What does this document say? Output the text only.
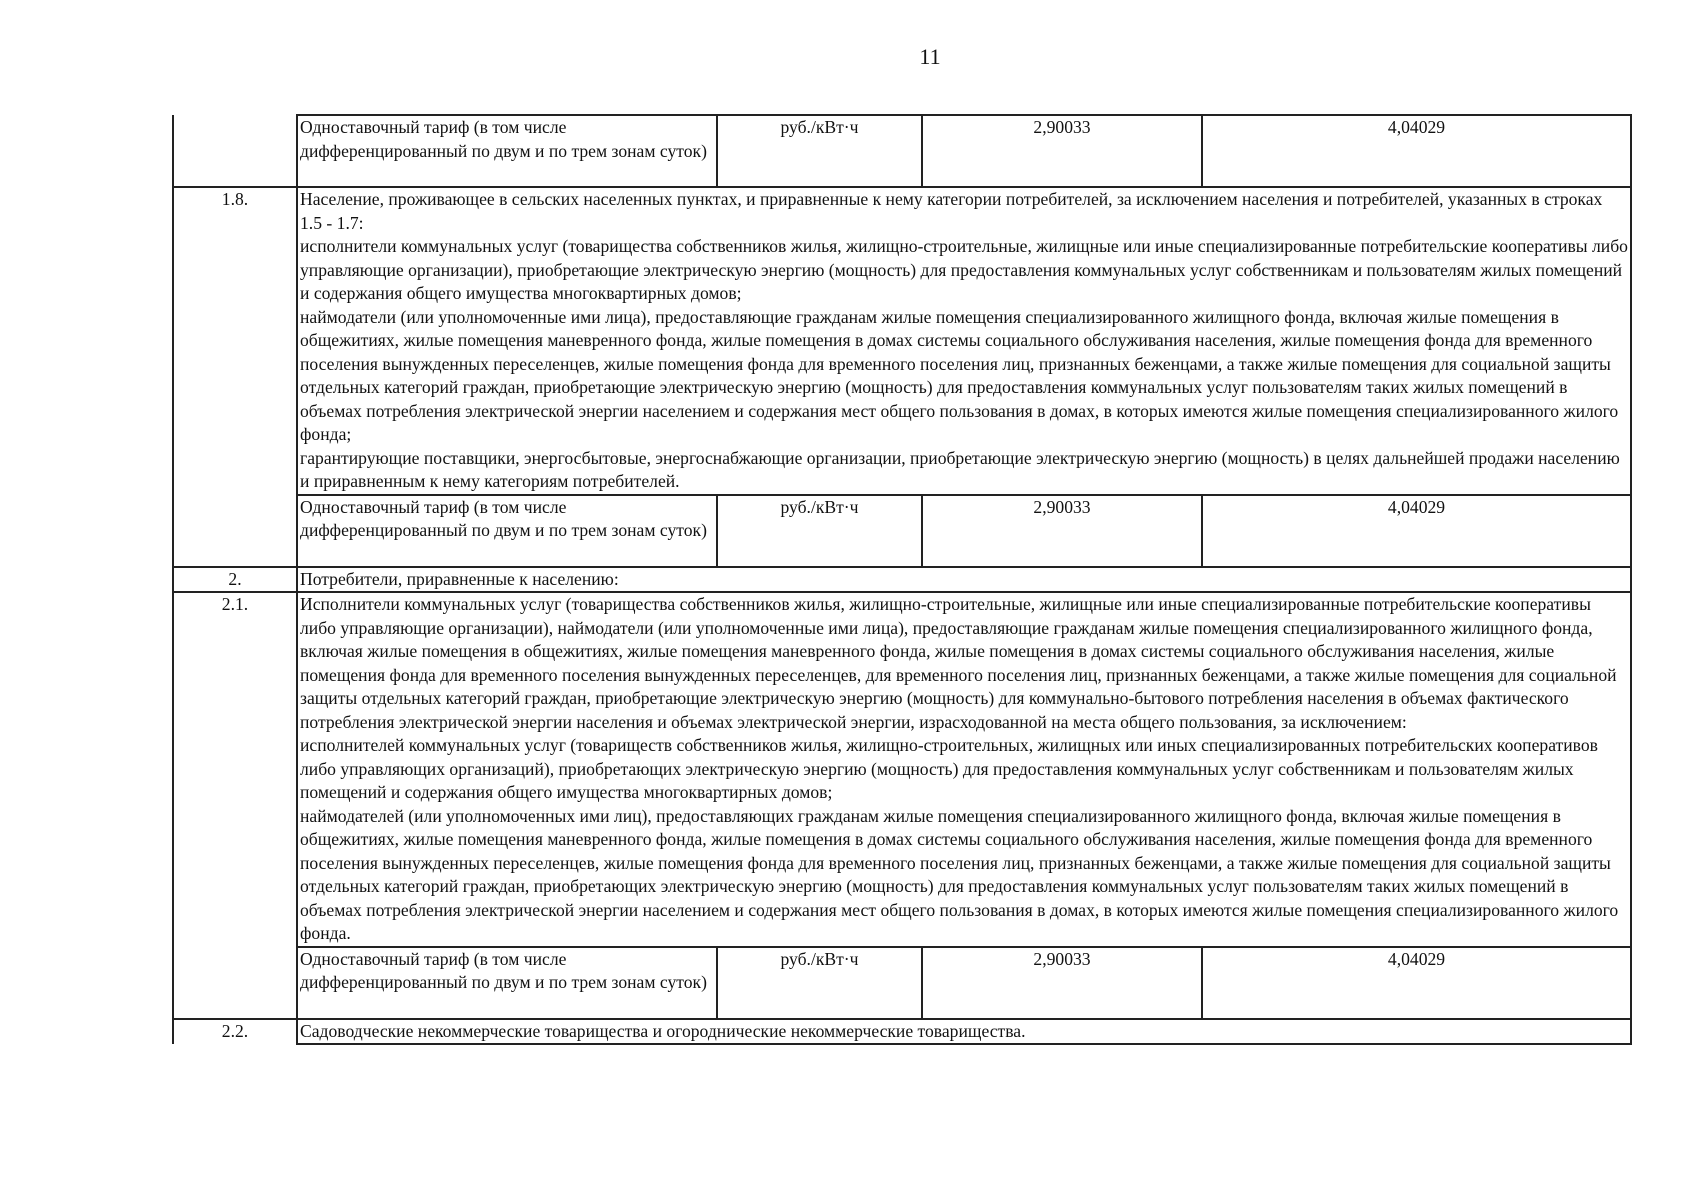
11
	Одноставочный тариф (в том числе дифференцированный по двум и по трем зонам суток)	руб./кВт·ч	2,90033	4,04029
1.8.	Население, проживающее в сельских населенных пунктах, и приравненные к нему категории потребителей, за исключением населения и потребителей, указанных в строках 1.5 - 1.7:
исполнители коммунальных услуг (товарищества собственников жилья, жилищно-строительные, жилищные или иные специализированные потребительские кооперативы либо управляющие организации), приобретающие электрическую энергию (мощность) для предоставления коммунальных услуг собственникам и пользователям жилых помещений и содержания общего имущества многоквартирных домов;
наймодатели (или уполномоченные ими лица), предоставляющие гражданам жилые помещения специализированного жилищного фонда, включая жилые помещения в общежитиях, жилые помещения маневренного фонда, жилые помещения в домах системы социального обслуживания населения, жилые помещения фонда для временного поселения вынужденных переселенцев, жилые помещения фонда для временного поселения лиц, признанных беженцами, а также жилые помещения для социальной защиты отдельных категорий граждан, приобретающие электрическую энергию (мощность) для предоставления коммунальных услуг пользователям таких жилых помещений в объемах потребления электрической энергии населением и содержания мест общего пользования в домах, в которых имеются жилые помещения специализированного жилого фонда;
гарантирующие поставщики, энергосбытовые, энергоснабжающие организации, приобретающие электрическую энергию (мощность) в целях дальнейшей продажи населению и приравненным к нему категориям потребителей.			

	Одноставочный тариф (в том числе дифференцированный по двум и по трем зонам суток)	руб./кВт·ч	2,90033	4,04029
2.	Потребители, приравненные к населению:			

2.1.	Исполнители коммунальных услуг (товарищества собственников жилья, жилищно-строительные, жилищные или иные специализированные потребительские кооперативы либо управляющие организации), наймодатели (или уполномоченные ими лица), предоставляющие гражданам жилые помещения специализированного жилищного фонда, включая жилые помещения в общежитиях, жилые помещения маневренного фонда, жилые помещения в домах системы социального обслуживания населения, жилые помещения фонда для временного поселения вынужденных переселенцев, для временного поселения лиц, признанных беженцами, а также жилые помещения для социальной защиты отдельных категорий граждан, приобретающие электрическую энергию (мощность) для коммунально-бытового потребления населения в объемах фактического потребления электрической энергии населения и объемах электрической энергии, израсходованной на места общего пользования, за исключением:
исполнителей коммунальных услуг (товариществ собственников жилья, жилищно-строительных, жилищных или иных специализированных потребительских кооперативов либо управляющих организаций), приобретающих электрическую энергию (мощность) для предоставления коммунальных услуг собственникам и пользователям жилых помещений и содержания общего имущества многоквартирных домов;
наймодателей (или уполномоченных ими лиц), предоставляющих гражданам жилые помещения специализированного жилищного фонда, включая жилые помещения в общежитиях, жилые помещения маневренного фонда, жилые помещения в домах системы социального обслуживания населения, жилые помещения фонда для временного поселения вынужденных переселенцев, жилые помещения фонда для временного поселения лиц, признанных беженцами, а также жилые помещения для социальной защиты отдельных категорий граждан, приобретающих электрическую энергию (мощность) для предоставления коммунальных услуг пользователям таких жилых помещений в объемах потребления электрической энергии населением и содержания мест общего пользования в домах, в которых имеются жилые помещения специализированного жилого фонда.			

	Одноставочный тариф (в том числе дифференцированный по двум и по трем зонам суток)	руб./кВт·ч	2,90033	4,04029
2.2.	Садоводческие некоммерческие товарищества и огороднические некоммерческие товарищества.			
